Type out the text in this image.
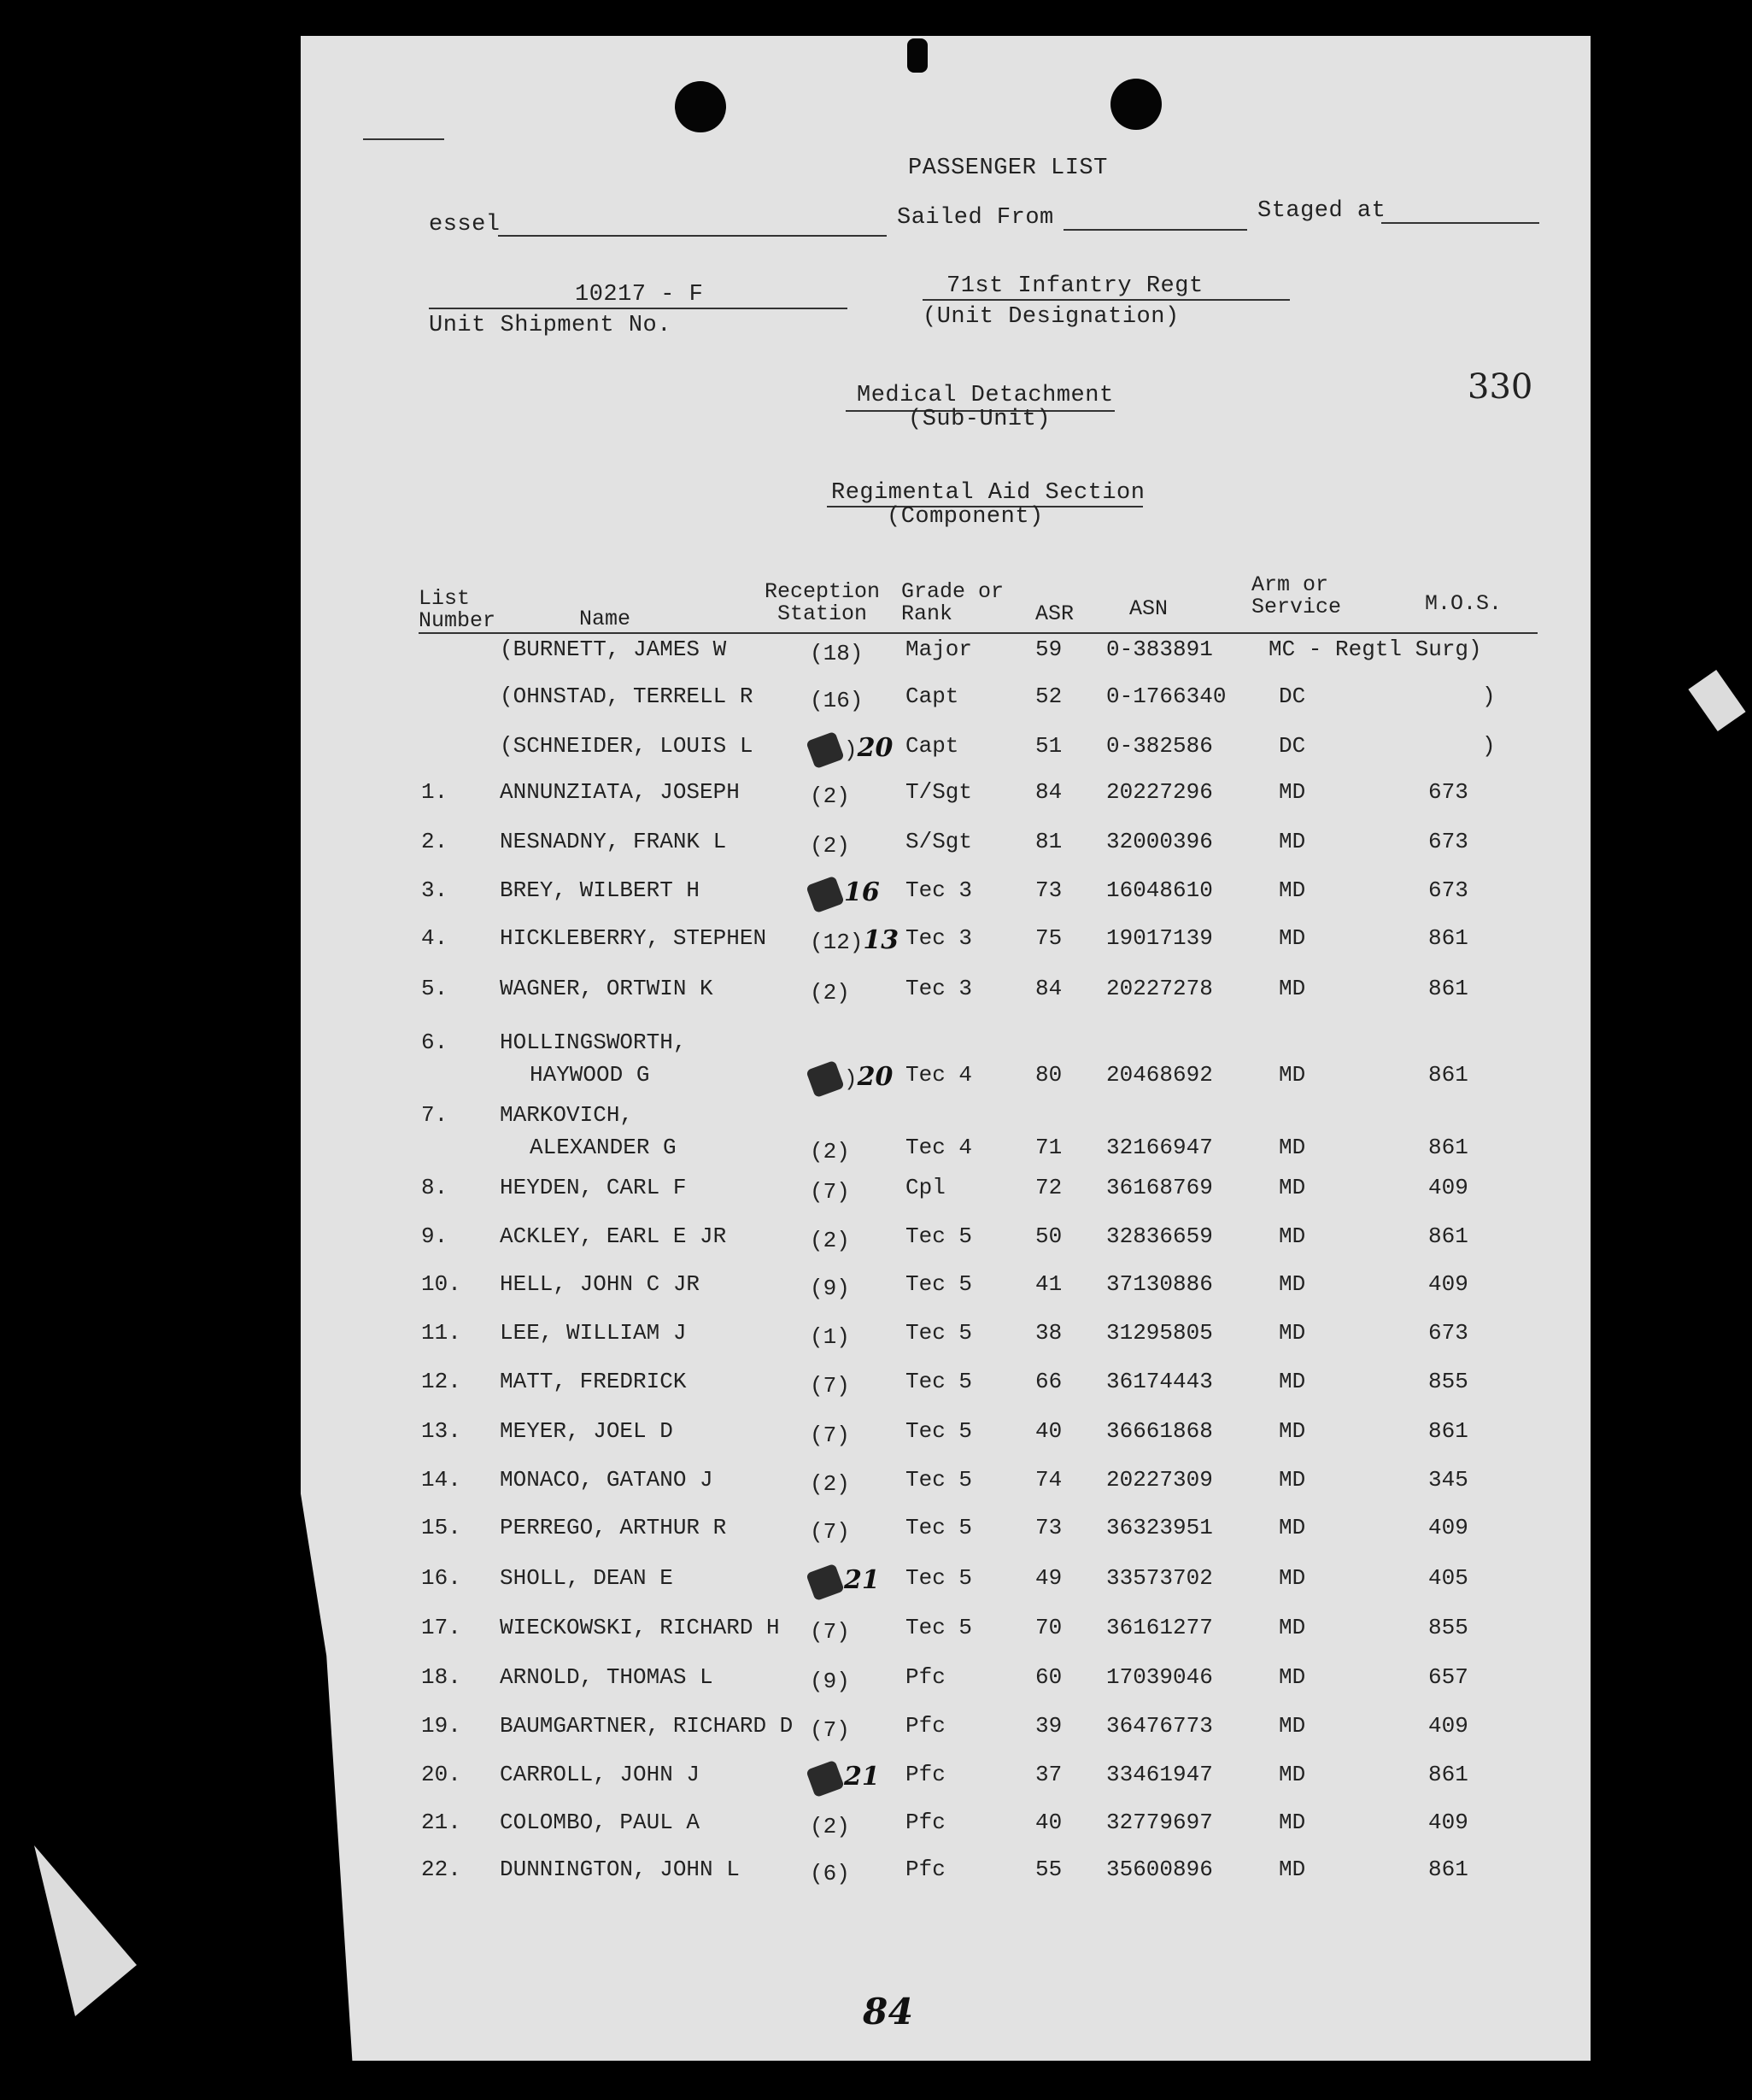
PASSENGER LIST
essel	Sailed From	Staged at
10217 - F
Unit Shipment No.
71st Infantry Regt
(Unit Designation)
330
Medical Detachment
(Sub-Unit)
Regimental Aid Section
(Component)
List
Number	Name
Reception
Station
Grade or
Rank	ASR	ASN
Arm or
Service	M.O.S.
(BURNETT, JAMES W	(18) Major	59 0-383891	MC - Regtl Surg)
(OHNSTAD, TERRELL R	(16) Capt	52 0-1766340 DC	)
(SCHNEIDER, LOUIS L	)20 Capt	51 0-382586	DC	)
1. ANNUNZIATA, JOSEPH	(2)	T/Sgt	84 20227296	MD	673
2. NESNADNY, FRANK L	(2)	S/Sgt	81 32000396	MD	673
3. BREY, WILBERT H	16 Tec 3	73 16048610	MD	673
4. HICKLEBERRY, STEPHEN (12)13 Tec 3	75 19017139	MD	861
5. WAGNER, ORTWIN K	(2)	Tec 3	84 20227278	MD	861
6. HOLLINGSWORTH,
HAYWOOD G	)20 Tec 4	80 20468692	MD	861
7. MARKOVICH,
ALEXANDER G	(2)	Tec 4	71 32166947	MD	861
8. HEYDEN, CARL F	(7)	Cpl	72 36168769	MD	409
9. ACKLEY, EARL E JR	(2)	Tec 5	50 32836659	MD	861
10. HELL, JOHN C JR	(9)	Tec 5	41 37130886	MD	409
11. LEE, WILLIAM J	(1)	Tec 5	38 31295805	MD	673
12. MATT, FREDRICK	(7)	Tec 5	66 36174443	MD	855
13. MEYER, JOEL D	(7)	Tec 5	40 36661868	MD	861
14. MONACO, GATANO J	(2)	Tec 5	74 20227309	MD	345
15. PERREGO, ARTHUR R	(7)	Tec 5	73 36323951	MD	409
16. SHOLL, DEAN E	21 Tec 5	49 33573702	MD	405
17. WIECKOWSKI, RICHARD H (7)	Tec 5	70 36161277	MD	855
18. ARNOLD, THOMAS L	(9)	Pfc	60 17039046	MD	657
19. BAUMGARTNER, RICHARD D (7)	Pfc	39 36476773	MD	409
20. CARROLL, JOHN J	21 Pfc	37 33461947	MD	861
21. COLOMBO, PAUL A	(2)	Pfc	40 32779697	MD	409
22. DUNNINGTON, JOHN L	(6)	Pfc	55 35600896	MD	861
84
